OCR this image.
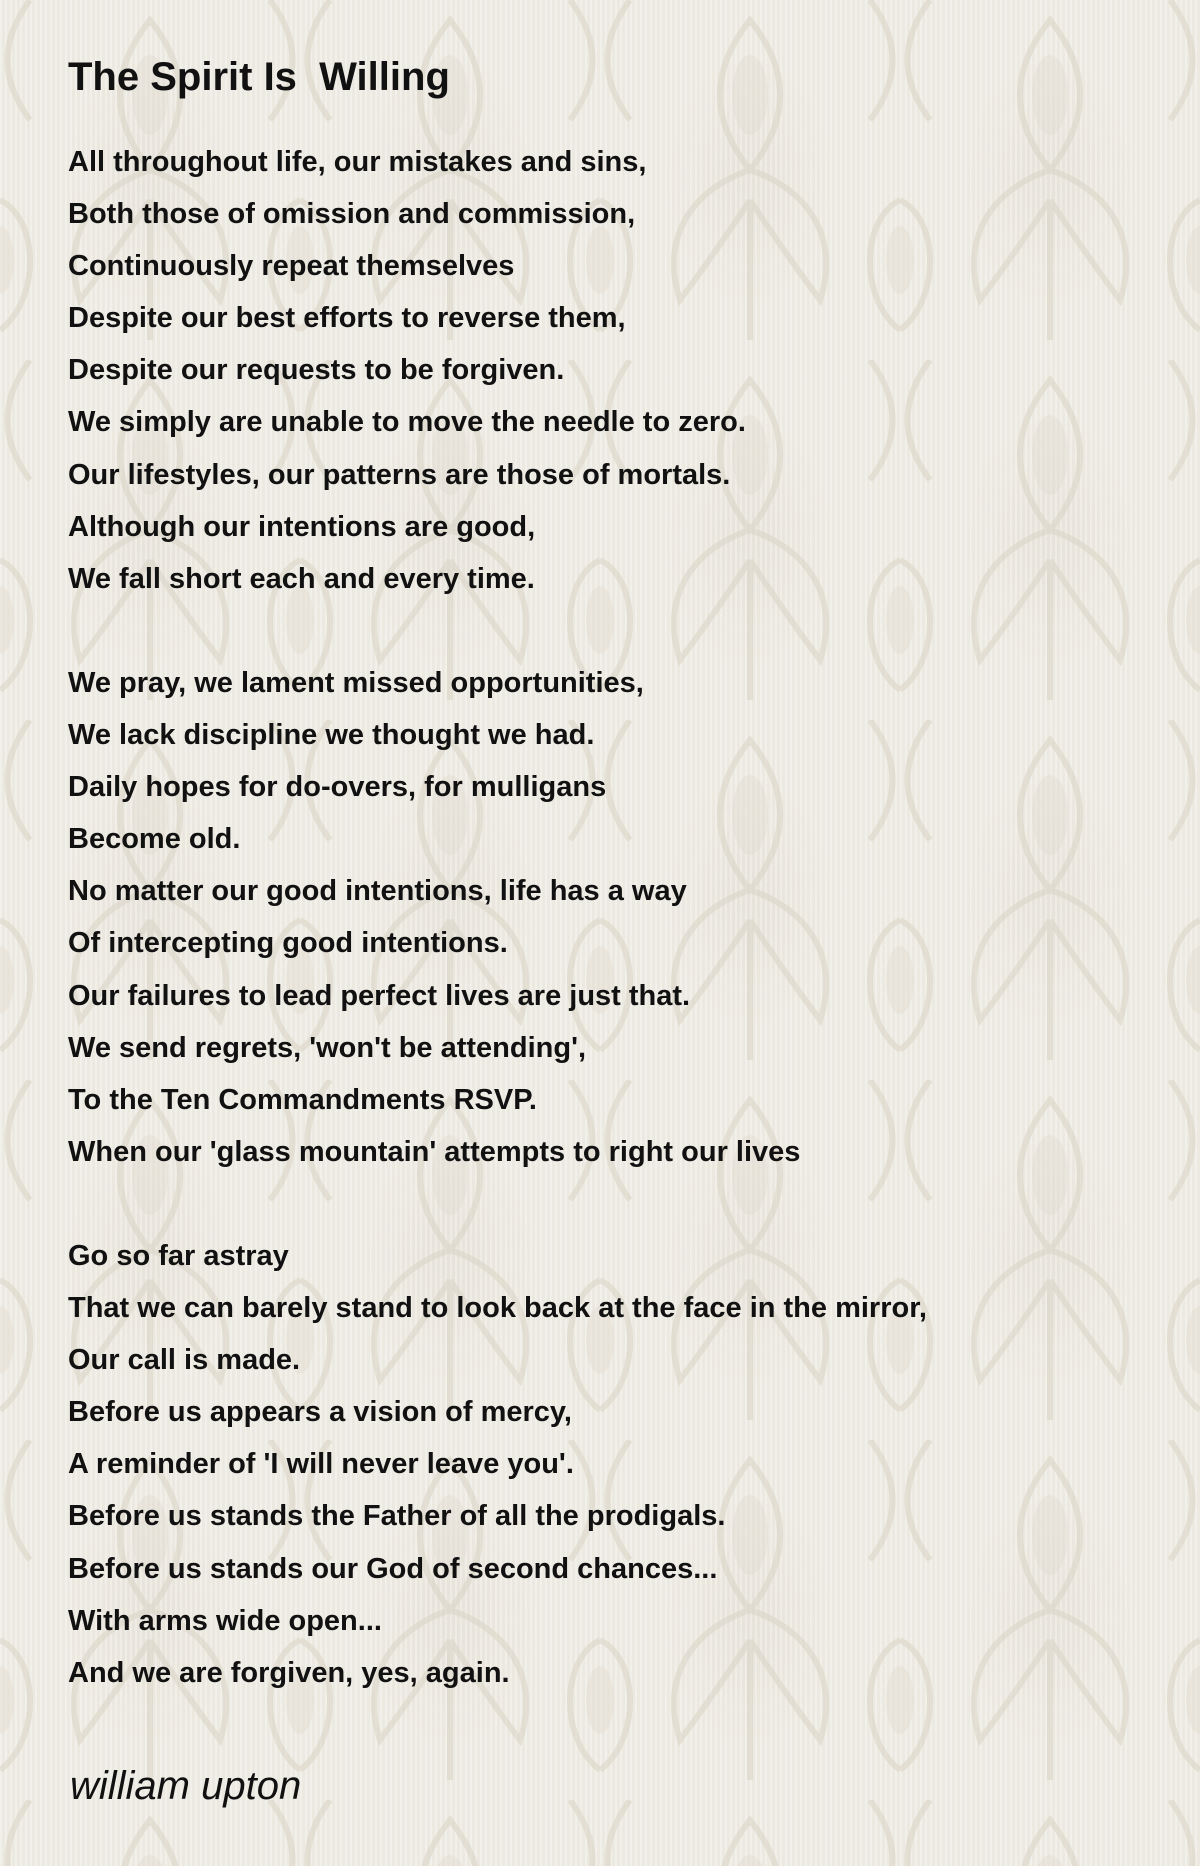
The Spirit Is  Willing
All throughout life, our mistakes and sins,
Both those of omission and commission,
Continuously repeat themselves
Despite our best efforts to reverse them,
Despite our requests to be forgiven.
We simply are unable to move the needle to zero.
Our lifestyles, our patterns are those of mortals.
Although our intentions are good,
We fall short each and every time.
We pray, we lament missed opportunities,
We lack discipline we thought we had.
Daily hopes for do-overs, for mulligans
Become old.
No matter our good intentions, life has a way
Of intercepting good intentions.
Our failures to lead perfect lives are just that.
We send regrets, 'won't be attending',
To the Ten Commandments RSVP.
When our 'glass mountain' attempts to right our lives
Go so far astray
That we can barely stand to look back at the face in the mirror,
Our call is made.
Before us appears a vision of mercy,
A reminder of 'I will never leave you'.
Before us stands the Father of all the prodigals.
Before us stands our God of second chances...
With arms wide open...
And we are forgiven, yes, again.

william upton
